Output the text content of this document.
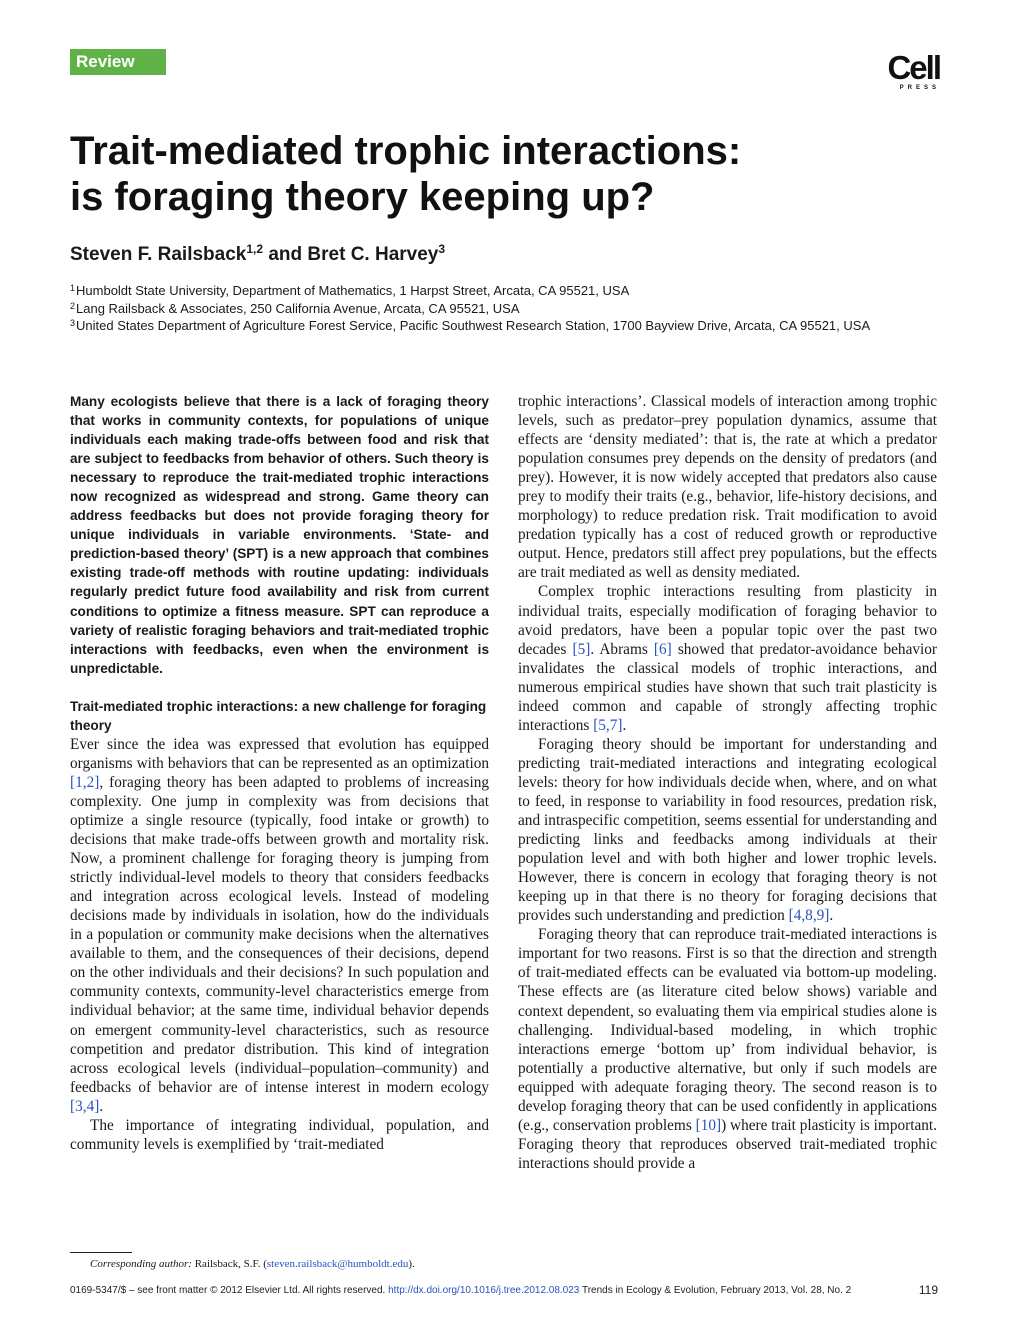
Review	Cell
PRESS
Trait-mediated trophic interactions:
is foraging theory keeping up?
Steven F. Railsback$^{1,2}$ and Bret C. Harvey$^3$
$^1$Humboldt State University, Department of Mathematics, 1 Harpst Street, Arcata, CA 95521, USA
$^2$Lang Railsback & Associates, 250 California Avenue, Arcata, CA 95521, USA
$^3$United States Department of Agriculture Forest Service, Pacific Southwest Research Station, 1700 Bayview Drive, Arcata, CA 95521, USA

Many ecologists believe that there is a lack of foraging theory that works in community contexts, for populations of unique individuals each making trade-offs between food and risk that are subject to feedbacks from behavior of others. Such theory is necessary to reproduce the trait-mediated trophic interactions now recognized as widespread and strong. Game theory can address feedbacks but does not provide foraging theory for unique individuals in variable environments. ‘State- and prediction-based theory’ (SPT) is a new approach that combines existing trade-off methods with routine updating: individuals regularly predict future food availability and risk from current conditions to optimize a fitness measure. SPT can reproduce a variety of realistic foraging behaviors and trait-mediated trophic interactions with feedbacks, even when the environment is unpredictable.

Trait-mediated trophic interactions: a new challenge for foraging theory

Ever since the idea was expressed that evolution has equipped organisms with behaviors that can be represented as an optimization [1,2], foraging theory has been adapted to problems of increasing complexity. One jump in complexity was from decisions that optimize a single resource (typically, food intake or growth) to decisions that make trade-offs between growth and mortality risk. Now, a prominent challenge for foraging theory is jumping from strictly individual-level models to theory that considers feedbacks and integration across ecological levels. Instead of modeling decisions made by individuals in isolation, how do the individuals in a population or community make decisions when the alternatives available to them, and the consequences of their decisions, depend on the other individuals and their decisions? In such population and community contexts, community-level characteristics emerge from individual behavior; at the same time, individual behavior depends on emergent community-level characteristics, such as resource competition and predator distribution. This kind of integration across ecological levels (individual–population–community) and feedbacks of behavior are of intense interest in modern ecology [3,4].

The importance of integrating individual, population, and community levels is exemplified by ‘trait-mediated

trophic interactions’. Classical models of interaction among trophic levels, such as predator–prey population dynamics, assume that effects are ‘density mediated’: that is, the rate at which a predator population consumes prey depends on the density of predators (and prey). However, it is now widely accepted that predators also cause prey to modify their traits (e.g., behavior, life-history decisions, and morphology) to reduce predation risk. Trait modification to avoid predation typically has a cost of reduced growth or reproductive output. Hence, predators still affect prey populations, but the effects are trait mediated as well as density mediated.

Complex trophic interactions resulting from plasticity in individual traits, especially modification of foraging behavior to avoid predators, have been a popular topic over the past two decades [5]. Abrams [6] showed that predator-avoidance behavior invalidates the classical models of trophic interactions, and numerous empirical studies have shown that such trait plasticity is indeed common and capable of strongly affecting trophic interactions [5,7].

Foraging theory should be important for understanding and predicting trait-mediated interactions and integrating ecological levels: theory for how individuals decide when, where, and on what to feed, in response to variability in food resources, predation risk, and intraspecific competition, seems essential for understanding and predicting links and feedbacks among individuals at their population level and with both higher and lower trophic levels. However, there is concern in ecology that foraging theory is not keeping up in that there is no theory for foraging decisions that provides such understanding and prediction [4,8,9].

Foraging theory that can reproduce trait-mediated interactions is important for two reasons. First is so that the direction and strength of trait-mediated effects can be evaluated via bottom-up modeling. These effects are (as literature cited below shows) variable and context dependent, so evaluating them via empirical studies alone is challenging. Individual-based modeling, in which trophic interactions emerge ‘bottom up’ from individual behavior, is potentially a productive alternative, but only if such models are equipped with adequate foraging theory. The second reason is to develop foraging theory that can be used confidently in applications (e.g., conservation problems [10]) where trait plasticity is important. Foraging theory that reproduces observed trait-mediated trophic interactions should provide a

Corresponding author: Railsback, S.F. (steven.railsback@humboldt.edu).
0169-5347/$ – see front matter © 2012 Elsevier Ltd. All rights reserved. http://dx.doi.org/10.1016/j.tree.2012.08.023 Trends in Ecology & Evolution, February 2013, Vol. 28, No. 2	119
